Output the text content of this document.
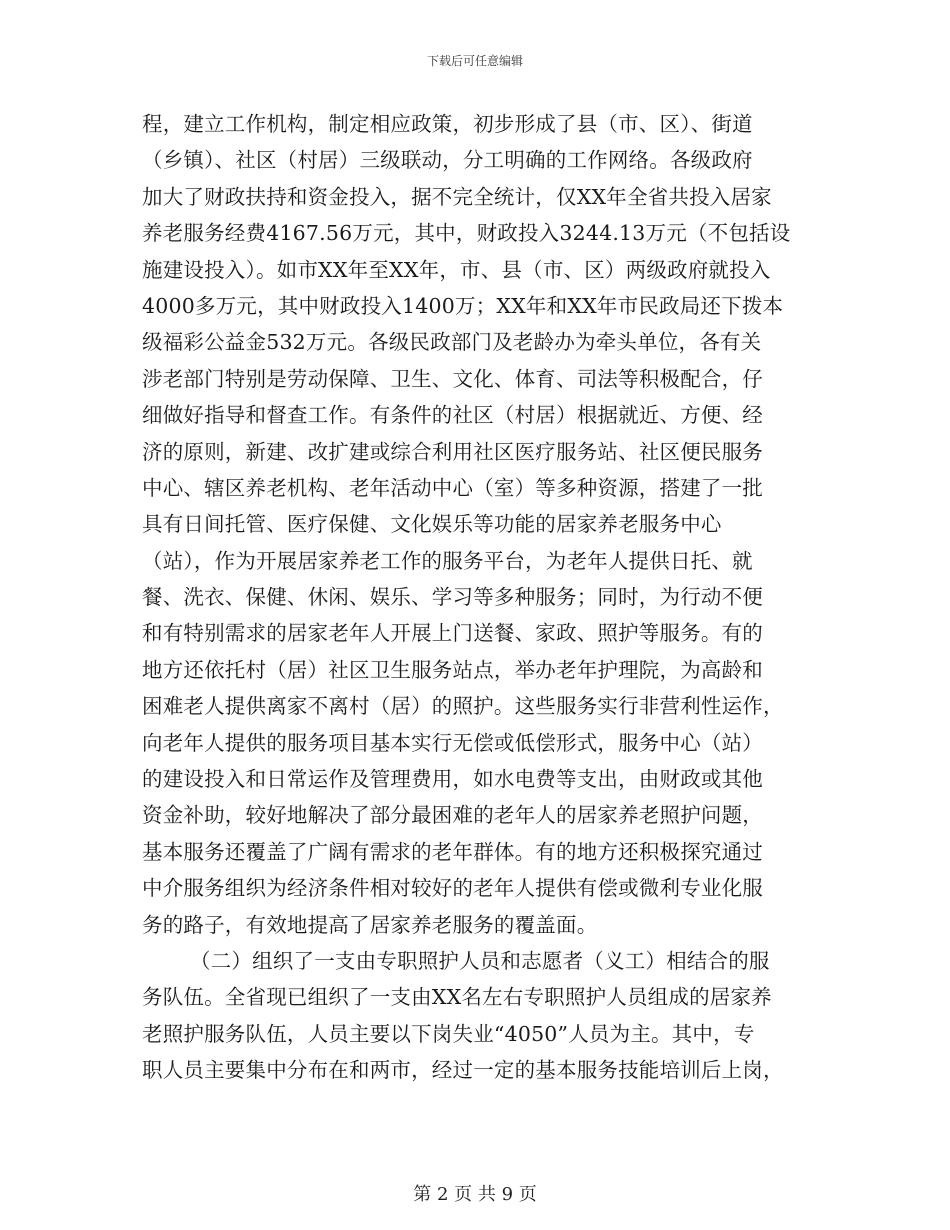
下载后可任意编辑
程，建立工作机构，制定相应政策，初步形成了县（市、区）、街道
（乡镇）、社区（村居）三级联动，分工明确的工作网络。各级政府
加大了财政扶持和资金投入，据不完全统计，仅XX年全省共投入居家
养老服务经费4167.56万元，其中，财政投入3244.13万元（不包括设
施建设投入）。如市XX年至XX年，市、县（市、区）两级政府就投入
4000多万元，其中财政投入1400万；XX年和XX年市民政局还下拨本
级福彩公益金532万元。各级民政部门及老龄办为牵头单位，各有关
涉老部门特别是劳动保障、卫生、文化、体育、司法等积极配合，仔
细做好指导和督查工作。有条件的社区（村居）根据就近、方便、经
济的原则，新建、改扩建或综合利用社区医疗服务站、社区便民服务
中心、辖区养老机构、老年活动中心（室）等多种资源，搭建了一批
具有日间托管、医疗保健、文化娱乐等功能的居家养老服务中心
（站），作为开展居家养老工作的服务平台，为老年人提供日托、就
餐、洗衣、保健、休闲、娱乐、学习等多种服务；同时，为行动不便
和有特别需求的居家老年人开展上门送餐、家政、照护等服务。有的
地方还依托村（居）社区卫生服务站点，举办老年护理院，为高龄和
困难老人提供离家不离村（居）的照护。这些服务实行非营利性运作，
向老年人提供的服务项目基本实行无偿或低偿形式，服务中心（站）
的建设投入和日常运作及管理费用，如水电费等支出，由财政或其他
资金补助，较好地解决了部分最困难的老年人的居家养老照护问题，
基本服务还覆盖了广阔有需求的老年群体。有的地方还积极探究通过
中介服务组织为经济条件相对较好的老年人提供有偿或微利专业化服
务的路子，有效地提高了居家养老服务的覆盖面。
（二）组织了一支由专职照护人员和志愿者（义工）相结合的服
务队伍。全省现已组织了一支由XX名左右专职照护人员组成的居家养
老照护服务队伍，人员主要以下岗失业“4050”人员为主。其中，专
职人员主要集中分布在和两市，经过一定的基本服务技能培训后上岗，
第 2 页 共 9 页
